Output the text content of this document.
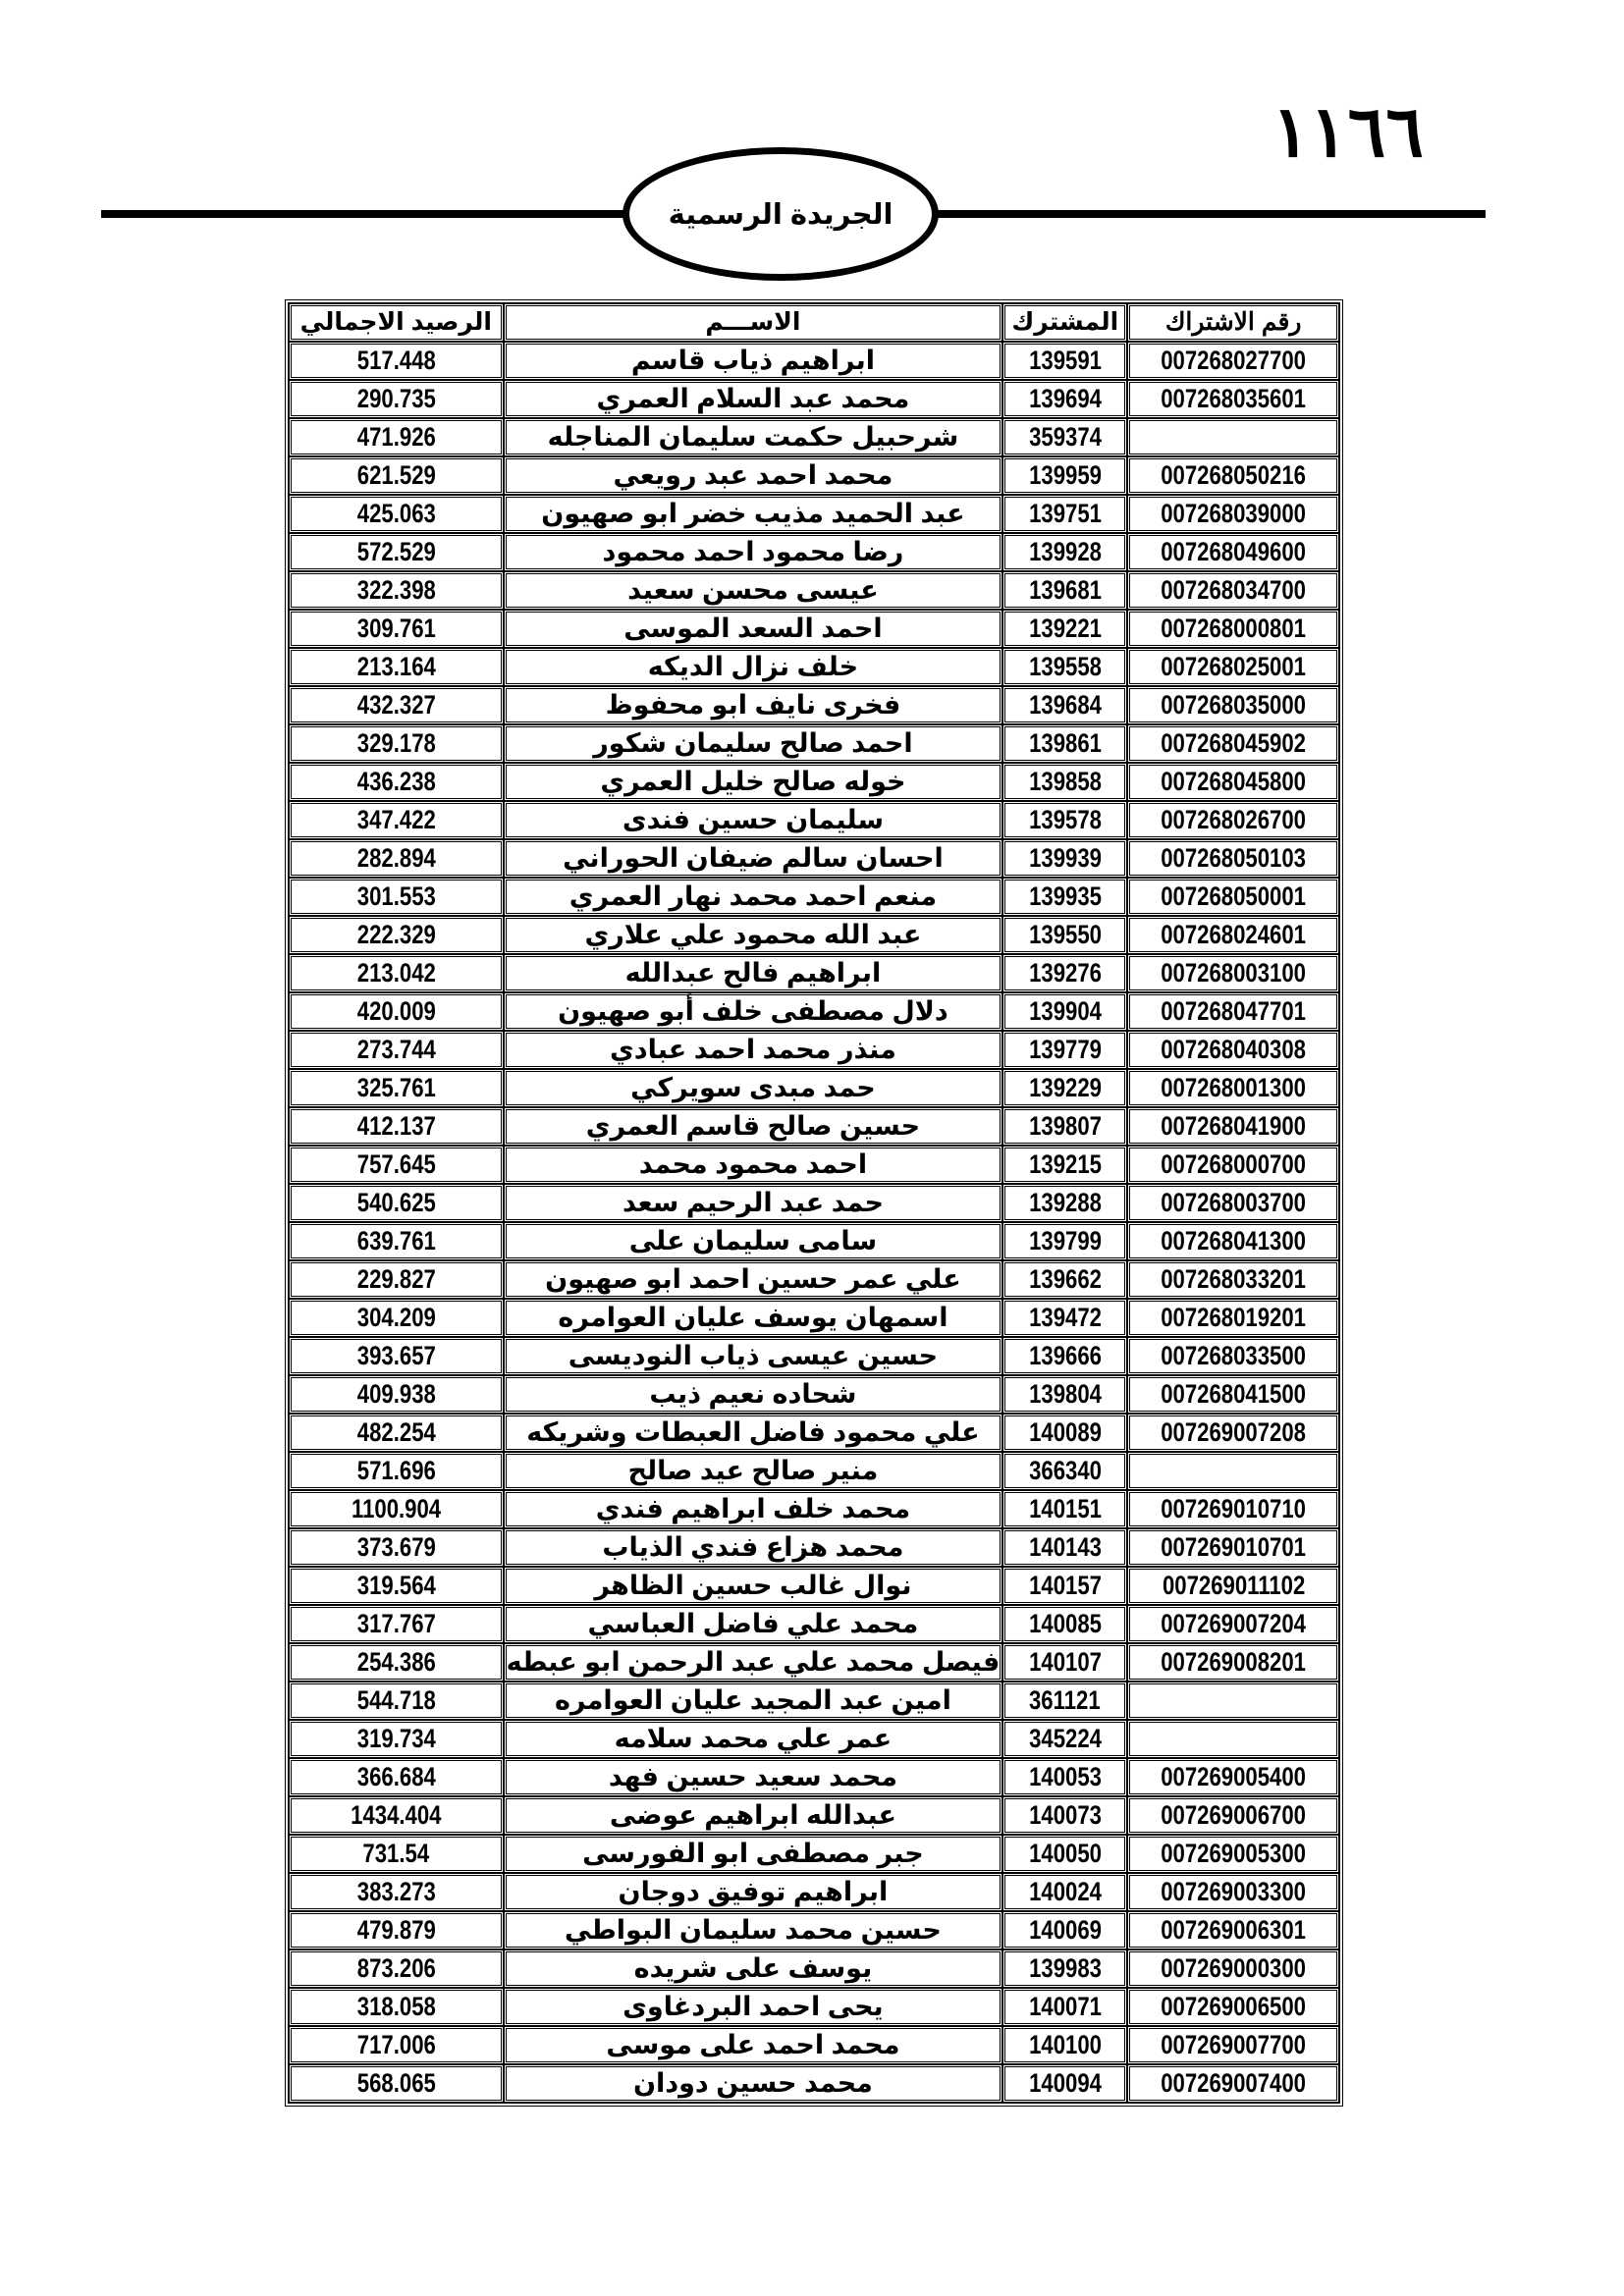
١١٦٦
الجريدة الرسمية
رقم الاشتراك	المشترك	الاســـم	الرصيد الاجمالي
007268027700	139591	ابراهيم ذياب قاسم	517.448
007268035601	139694	محمد عبد السلام العمري	290.735
	359374	شرحبيل حكمت سليمان المناجله	471.926
007268050216	139959	محمد احمد عبد رويعي	621.529
007268039000	139751	عبد الحميد مذيب خضر ابو صهيون	425.063
007268049600	139928	رضا محمود احمد محمود	572.529
007268034700	139681	عيسى محسن سعيد	322.398
007268000801	139221	احمد السعد الموسى	309.761
007268025001	139558	خلف نزال الديكه	213.164
007268035000	139684	فخرى نايف ابو محفوظ	432.327
007268045902	139861	احمد صالح سليمان شكور	329.178
007268045800	139858	خوله صالح خليل العمري	436.238
007268026700	139578	سليمان حسين فندى	347.422
007268050103	139939	احسان سالم ضيفان الحوراني	282.894
007268050001	139935	منعم احمد محمد نهار العمري	301.553
007268024601	139550	عبد الله محمود علي علاري	222.329
007268003100	139276	ابراهيم فالح عبدالله	213.042
007268047701	139904	دلال مصطفى خلف أبو صهيون	420.009
007268040308	139779	منذر محمد احمد عبادي	273.744
007268001300	139229	حمد مبدى سويركي	325.761
007268041900	139807	حسين صالح قاسم العمري	412.137
007268000700	139215	احمد محمود محمد	757.645
007268003700	139288	حمد عبد الرحيم سعد	540.625
007268041300	139799	سامى سليمان على	639.761
007268033201	139662	علي عمر حسين احمد ابو صهيون	229.827
007268019201	139472	اسمهان يوسف عليان العوامره	304.209
007268033500	139666	حسين عيسى ذياب النوديسى	393.657
007268041500	139804	شحاده نعيم ذيب	409.938
007269007208	140089	علي محمود فاضل العبطات وشريكه	482.254
	366340	منير صالح عيد صالح	571.696
007269010710	140151	محمد خلف ابراهيم فندي	1100.904
007269010701	140143	محمد هزاع فندي الذياب	373.679
007269011102	140157	نوال غالب حسين الظاهر	319.564
007269007204	140085	محمد علي فاضل العباسي	317.767
007269008201	140107	فيصل محمد علي عبد الرحمن ابو عبطه	254.386
	361121	امين عبد المجيد عليان العوامره	544.718
	345224	عمر علي محمد سلامه	319.734
007269005400	140053	محمد سعيد حسين فهد	366.684
007269006700	140073	عبدالله ابراهيم عوضى	1434.404
007269005300	140050	جبر مصطفى ابو الفورسى	731.54
007269003300	140024	ابراهيم توفيق دوجان	383.273
007269006301	140069	حسين محمد سليمان البواطي	479.879
007269000300	139983	يوسف على شريده	873.206
007269006500	140071	يحى احمد البردغاوى	318.058
007269007700	140100	محمد احمد على موسى	717.006
007269007400	140094	محمد حسين دودان	568.065
